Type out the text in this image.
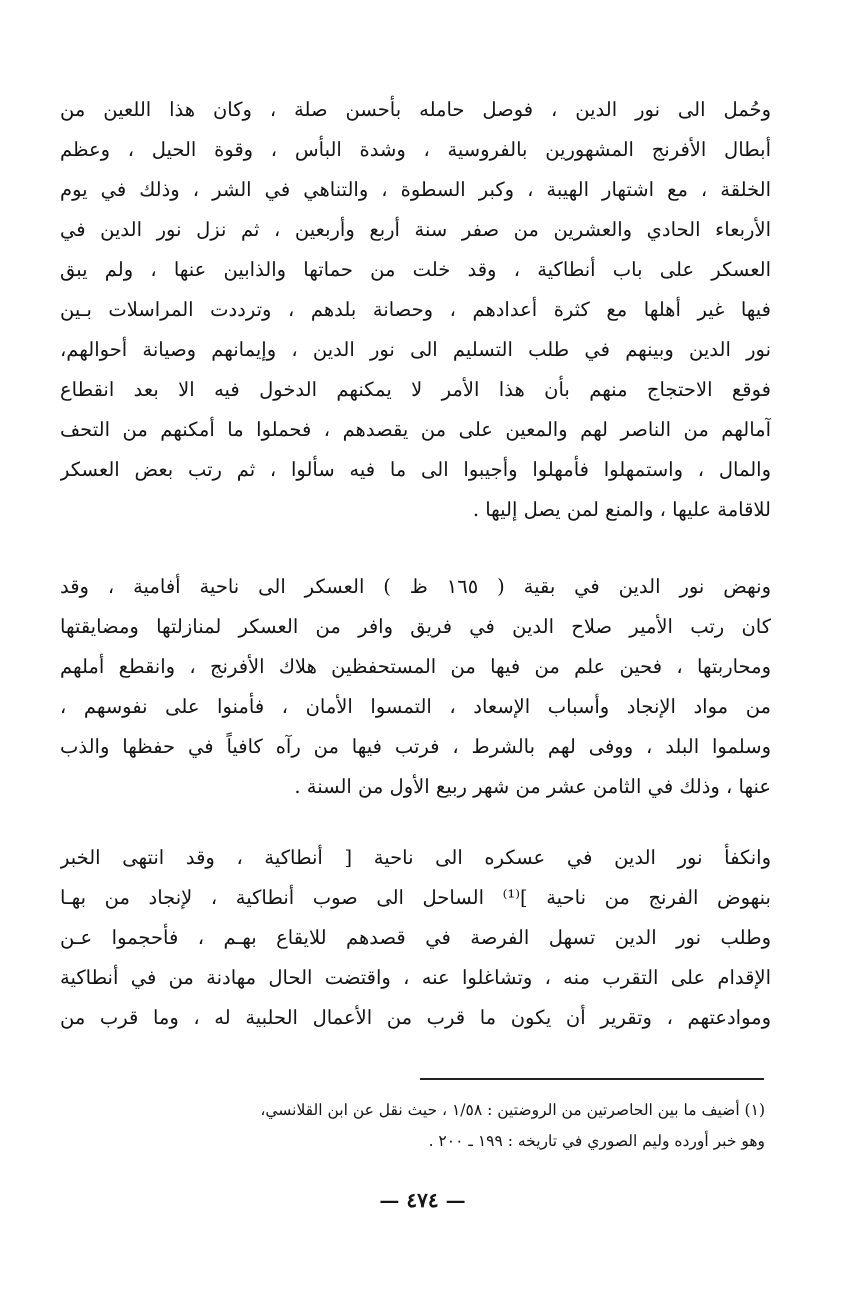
وحُمل الى نور الدين ، فوصل حامله بأحسن صلة ، وكان هذا اللعين من
أبطال الأفرنج المشهورين بالفروسية ، وشدة البأس ، وقوة الحيل ، وعظم
الخلقة ، مع اشتهار الهيبة ، وكبر السطوة ، والتناهي في الشر ، وذلك في يوم
الأربعاء الحادي والعشرين من صفر سنة أربع وأربعين ، ثم نزل نور الدين في
العسكر على باب أنطاكية ، وقد خلت من حماتها والذابين عنها ، ولم يبق
فيها غير أهلها مع كثرة أعدادهم ، وحصانة بلدهم ، وترددت المراسلات بـين
نور الدين وبينهم في طلب التسليم الى نور الدين ، وإيمانهم وصيانة أحوالهم،
فوقع الاحتجاج منهم بأن هذا الأمر لا يمكنهم الدخول فيه الا بعد انقطاع
آمالهم من الناصر لهم والمعين على من يقصدهم ، فحملوا ما أمكنهم من التحف
والمال ، واستمهلوا فأمهلوا وأجيبوا الى ما فيه سألوا ، ثم رتب بعض العسكر
للاقامة عليها ، والمنع لمن يصل إليها .
ونهض نور الدين في بقية ( ١٦٥ ظ ) العسكر الى ناحية أفامية ، وقد
كان رتب الأمير صلاح الدين في فريق وافر من العسكر لمنازلتها ومضايقتها
ومحاربتها ، فحين علم من فيها من المستحفظين هلاك الأفرنج ، وانقطع أملهم
من مواد الإنجاد وأسباب الإسعاد ، التمسوا الأمان ، فأمنوا على نفوسهم ،
وسلموا البلد ، ووفى لهم بالشرط ، فرتب فيها من رآه كافياً في حفظها والذب
عنها ، وذلك في الثامن عشر من شهر ربيع الأول من السنة .
وانكفأ نور الدين في عسكره الى ناحية [ أنطاكية ، وقد انتهى الخبر
بنهوض الفرنج من ناحية ]⁽¹⁾ الساحل الى صوب أنطاكية ، لإنجاد من بهـا
وطلب نور الدين تسهل الفرصة في قصدهم للايقاع بهـم ، فأحجموا عـن
الإقدام على التقرب منه ، وتشاغلوا عنه ، واقتضت الحال مهادنة من في أنطاكية
وموادعتهم ، وتقرير أن يكون ما قرب من الأعمال الحلبية له ، وما قرب من
(١) أضيف ما بين الحاصرتين من الروضتين : ١/٥٨ ، حيث نقل عن ابن القلانسي،
وهو خبر أورده وليم الصوري في تاريخه : ١٩٩ ـ ٢٠٠ .
— ٤٧٤ —
